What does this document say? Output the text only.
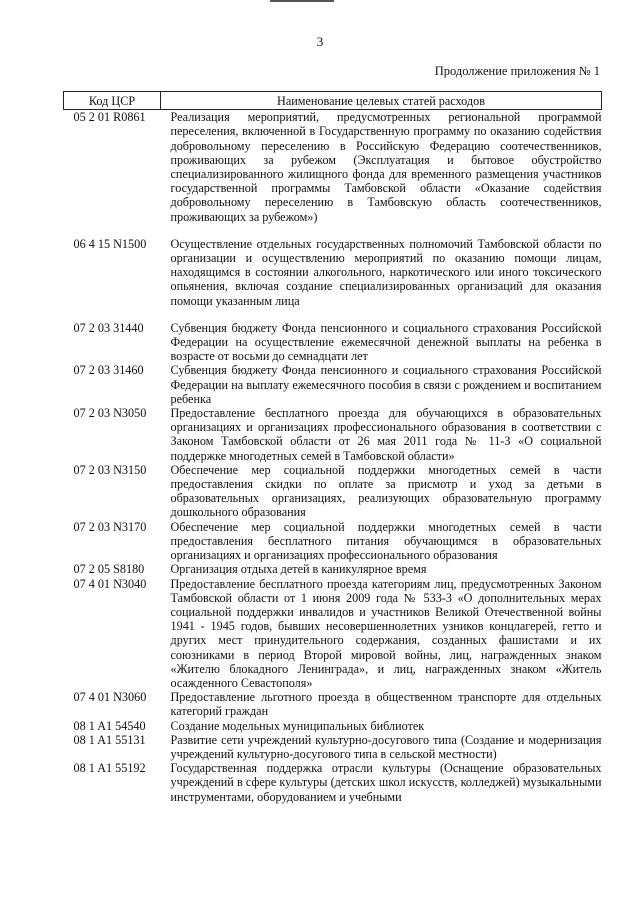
3
Продолжение приложения № 1
Код ЦСР	Наименование целевых статей расходов
05 2 01 R0861	Реализация мероприятий, предусмотренных региональной программой переселения, включенной в Государственную программу по оказанию содействия добровольному переселению в Российскую Федерацию соотечественников, проживающих за рубежом (Эксплуатация и бытовое обустройство специализированного жилищного фонда для временного размещения участников государственной программы Тамбовской области «Оказание содействия добровольному переселению в Тамбовскую область соотечественников, проживающих за рубежом»)
06 4 15 N1500	Осуществление отдельных государственных полномочий Тамбовской области по организации и осуществлению мероприятий по оказанию помощи лицам, находящимся в состоянии алкогольного, наркотического или иного токсического опьянения, включая создание специализированных организаций для оказания помощи указанным лица
07 2 03 31440	Субвенция бюджету Фонда пенсионного и социального страхования Российской Федерации на осуществление ежемесячной денежной выплаты на ребенка в возрасте от восьми до семнадцати лет
07 2 03 31460	Субвенция бюджету Фонда пенсионного и социального страхования Российской Федерации на выплату ежемесячного пособия в связи с рождением и воспитанием ребенка
07 2 03 N3050	Предоставление бесплатного проезда для обучающихся в образовательных организациях и организациях профессионального образования в соответствии с Законом Тамбовской области от 26 мая 2011 года № 11-З «О социальной поддержке многодетных семей в Тамбовской области»
07 2 03 N3150	Обеспечение мер социальной поддержки многодетных семей в части предоставления скидки по оплате за присмотр и уход за детьми в образовательных организациях, реализующих образовательную программу дошкольного образования
07 2 03 N3170	Обеспечение мер социальной поддержки многодетных семей в части предоставления бесплатного питания обучающимся в образовательных организациях и организациях профессионального образования
07 2 05 S8180	Организация отдыха детей в каникулярное время
07 4 01 N3040	Предоставление бесплатного проезда категориям лиц, предусмотренных Законом Тамбовской области от 1 июня 2009 года № 533-З «О дополнительных мерах социальной поддержки инвалидов и участников Великой Отечественной войны 1941 - 1945 годов, бывших несовершеннолетних узников концлагерей, гетто и других мест принудительного содержания, созданных фашистами и их союзниками в период Второй мировой войны, лиц, награжденных знаком «Жителю блокадного Ленинграда», и лиц, награжденных знаком «Житель осажденного Севастополя»
07 4 01 N3060	Предоставление льготного проезда в общественном транспорте для отдельных категорий граждан
08 1 A1 54540	Создание модельных муниципальных библиотек
08 1 A1 55131	Развитие сети учреждений культурно-досугового типа (Создание и модернизация учреждений культурно-досугового типа в сельской местности)
08 1 A1 55192	Государственная поддержка отрасли культуры (Оснащение образовательных учреждений в сфере культуры (детских школ искусств, колледжей) музыкальными инструментами, оборудованием и учебными
